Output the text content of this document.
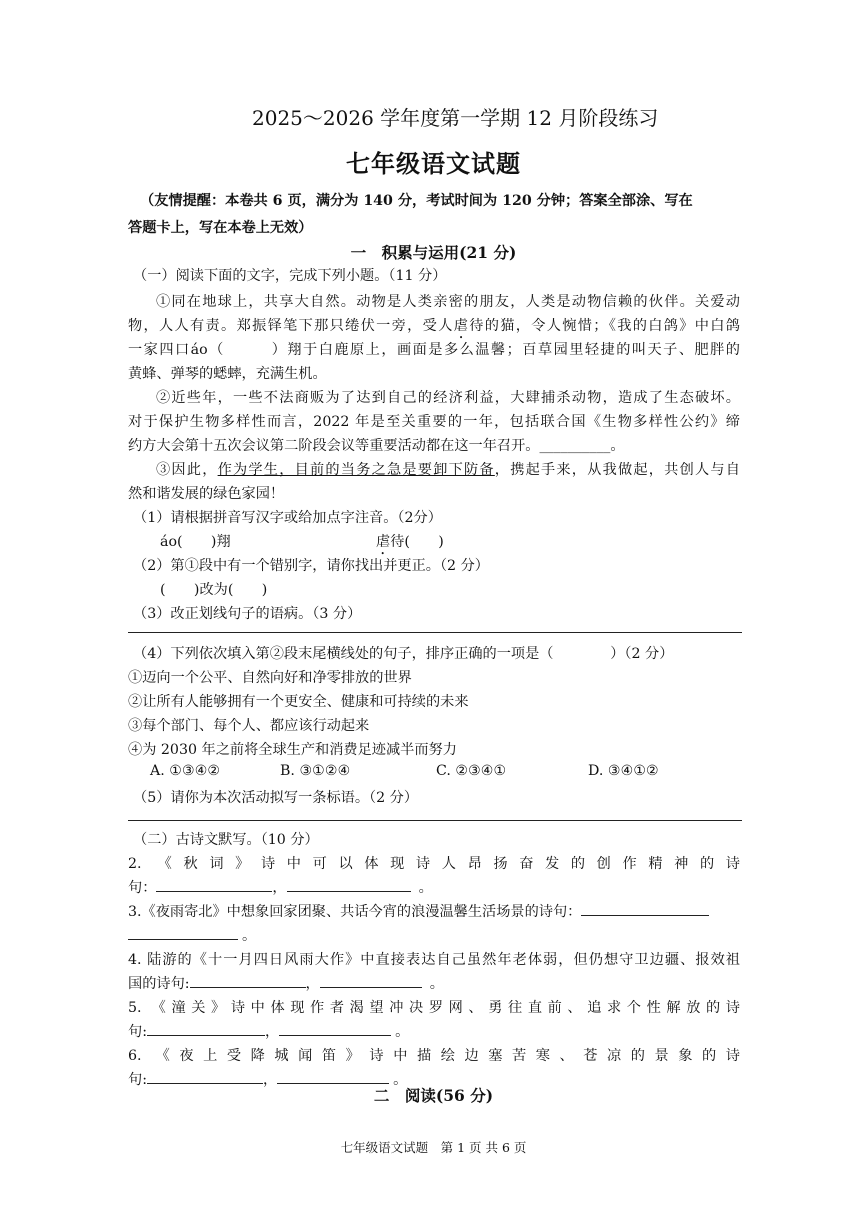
2025～2026 学年度第一学期 12 月阶段练习
七年级语文试题
（友情提醒：本卷共 6 页，满分为 140 分，考试时间为 120 分钟；答案全部涂、写在
答题卡上，写在本卷上无效）
一　积累与运用(21 分)
（一）阅读下面的文字，完成下列小题。（11 分）
①同在地球上，共享大自然。动物是人类亲密的朋友，人类是动物信赖的伙伴。关爱动
物，人人有责。郑振铎笔下那只绻伏一旁，受人虐待的猫，令人惋惜；《我的白鸽》中白鸽
一家四口áo（　　　）翔于白鹿原上，画面是多么温馨；百草园里轻捷的叫天子、肥胖的
黄蜂、弹琴的蟋蟀，充满生机。
②近些年，一些不法商贩为了达到自己的经济利益，大肆捕杀动物，造成了生态破坏。
对于保护生物多样性而言，2022 年是至关重要的一年，包括联合国《生物多样性公约》缔
约方大会第十五次会议第二阶段会议等重要活动都在这一年召开。__________。
③因此，作为学生，目前的当务之急是要卸下防备，携起手来，从我做起，共创人与自
然和谐发展的绿色家园！
（1）请根据拼音写汉字或给加点字注音。（2分）
áo(　　)翔	虐待(　　)
（2）第①段中有一个错别字，请你找出并更正。（2 分）
(　　)改为(　　)
（3）改正划线句子的语病。（3 分）
（4）下列依次填入第②段末尾横线处的句子，排序正确的一项是（　　　　）（2 分）
①迈向一个公平、自然向好和净零排放的世界
②让所有人能够拥有一个更安全、健康和可持续的未来
③每个部门、每个人、都应该行动起来
④为 2030 年之前将全球生产和消费足迹减半而努力
A. ①③④②	B. ③①②④	C. ②③④①	D. ③④①②
（5）请你为本次活动拟写一条标语。（2 分）
（二）古诗文默写。（10 分）
2. 《秋词》诗中可以体现诗人昂扬奋发的创作精神的诗
句：	，	。
3.《夜雨寄北》中想象回家团聚、共话今宵的浪漫温馨生活场景的诗句：
。
4. 陆游的《十一月四日风雨大作》中直接表达自己虽然年老体弱，但仍想守卫边疆、报效祖
国的诗句:	，	。
5. 《潼关》诗中体现作者渴望冲决罗网、勇往直前、追求个性解放的诗
句:	，	。
6. 《夜上受降城闻笛》诗中描绘边塞苦寒、苍凉的景象的诗
句:	，	。
二　阅读(56 分)
七年级语文试题　第 1 页 共 6 页
